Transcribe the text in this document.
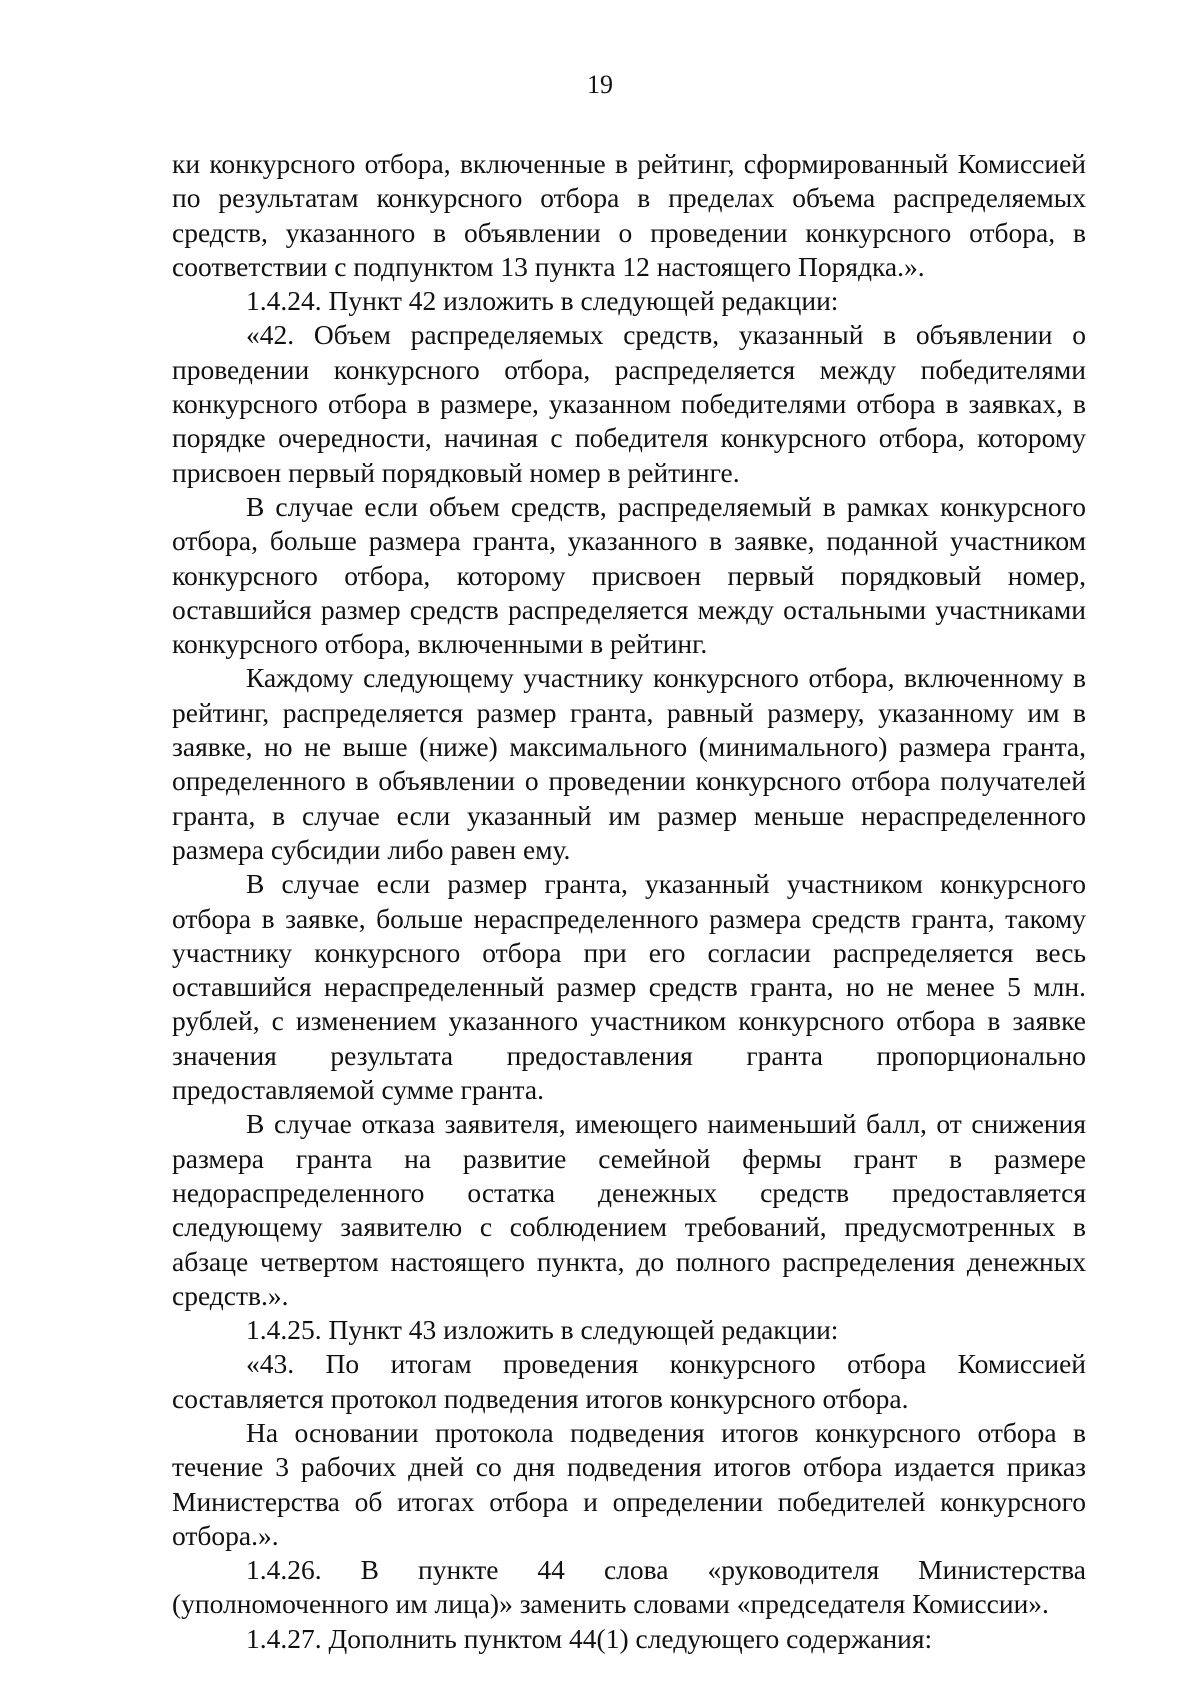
19

ки конкурсного отбора, включенные в рейтинг, сформированный Комиссией по результатам конкурсного отбора в пределах объема распределяемых средств, указанного в объявлении о проведении конкурсного отбора, в соответствии с подпунктом 13 пункта 12 настоящего Порядка.».

1.4.24. Пункт 42 изложить в следующей редакции:

«42. Объем распределяемых средств, указанный в объявлении о проведении конкурсного отбора, распределяется между победителями конкурсного отбора в размере, указанном победителями отбора в заявках, в порядке очередности, начиная с победителя конкурсного отбора, которому присвоен первый порядковый номер в рейтинге.

В случае если объем средств, распределяемый в рамках конкурсного отбора, больше размера гранта, указанного в заявке, поданной участником конкурсного отбора, которому присвоен первый порядковый номер, оставшийся размер средств распределяется между остальными участниками конкурсного отбора, включенными в рейтинг.

Каждому следующему участнику конкурсного отбора, включенному в рейтинг, распределяется размер гранта, равный размеру, указанному им в заявке, но не выше (ниже) максимального (минимального) размера гранта, определенного в объявлении о проведении конкурсного отбора получателей гранта, в случае если указанный им размер меньше нераспределенного размера субсидии либо равен ему.

В случае если размер гранта, указанный участником конкурсного отбора в заявке, больше нераспределенного размера средств гранта, такому участнику конкурсного отбора при его согласии распределяется весь оставшийся нераспределенный размер средств гранта, но не менее 5 млн. рублей, с изменением указанного участником конкурсного отбора в заявке значения результата предоставления гранта пропорционально предоставляемой сумме гранта.

В случае отказа заявителя, имеющего наименьший балл, от снижения размера гранта на развитие семейной фермы грант в размере недораспределенного остатка денежных средств предоставляется следующему заявителю с соблюдением требований, предусмотренных в абзаце четвертом настоящего пункта, до полного распределения денежных средств.».

1.4.25. Пункт 43 изложить в следующей редакции:

«43. По итогам проведения конкурсного отбора Комиссией составляется протокол подведения итогов конкурсного отбора.

На основании протокола подведения итогов конкурсного отбора в течение 3 рабочих дней со дня подведения итогов отбора издается приказ Министерства об итогах отбора и определении победителей конкурсного отбора.».

1.4.26. В пункте 44 слова «руководителя Министерства (уполномоченного им лица)» заменить словами «председателя Комиссии».

1.4.27. Дополнить пунктом 44(1) следующего содержания:
